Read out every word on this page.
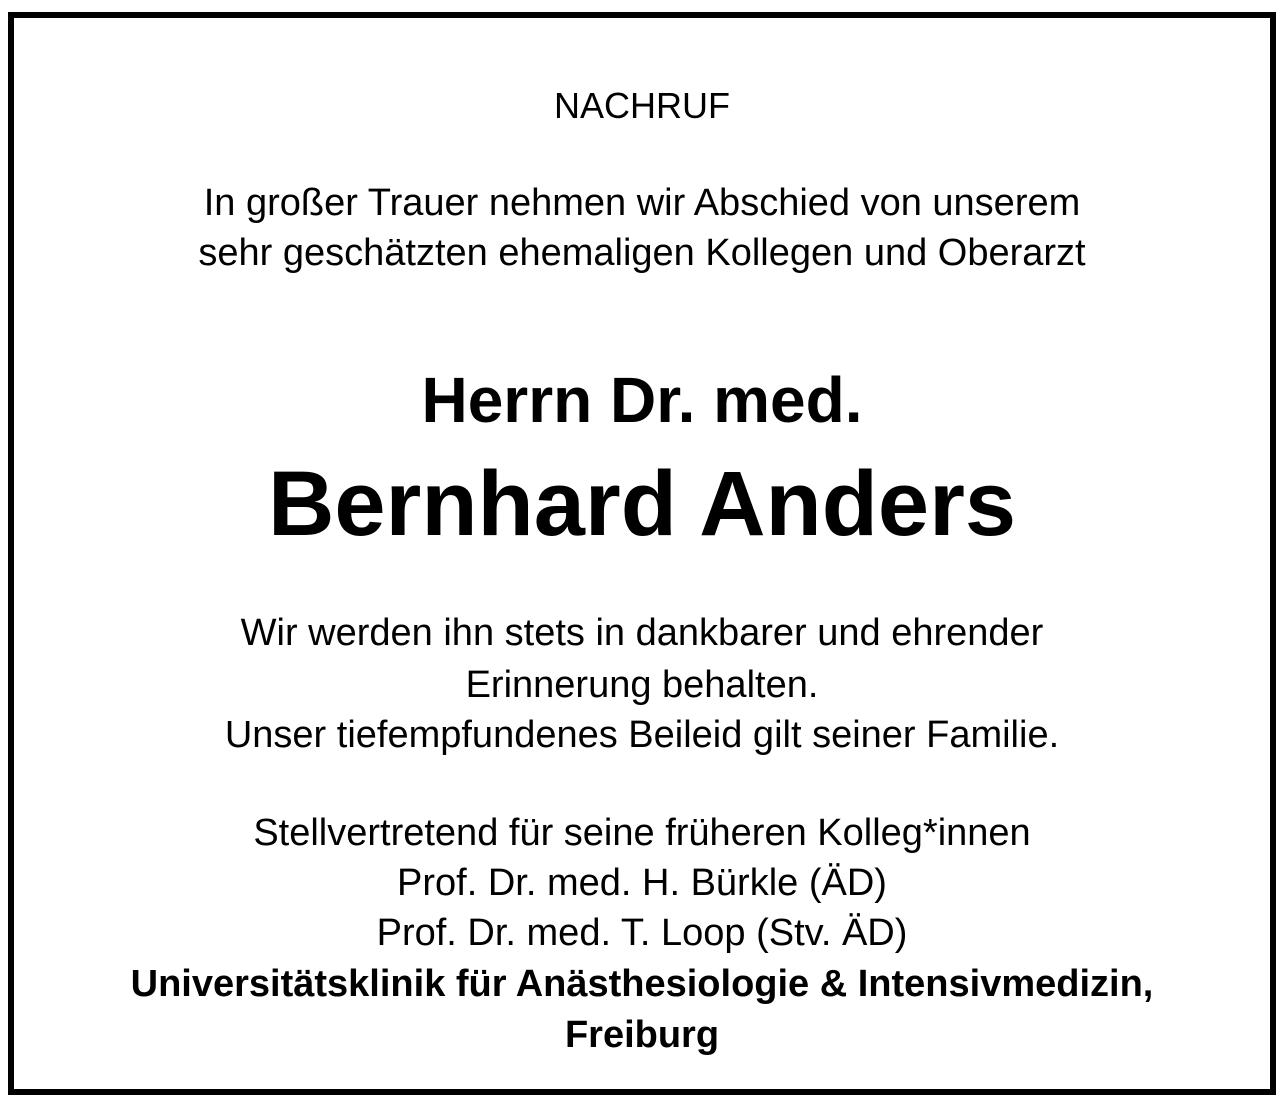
NACHRUF
In großer Trauer nehmen wir Abschied von unserem
sehr geschätzten ehemaligen Kollegen und Oberarzt
Herrn Dr. med.
Bernhard Anders
Wir werden ihn stets in dankbarer und ehrender
Erinnerung behalten.
Unser tiefempfundenes Beileid gilt seiner Familie.
Stellvertretend für seine früheren Kolleg*innen
Prof. Dr. med. H. Bürkle (ÄD)
Prof. Dr. med. T. Loop (Stv. ÄD)
Universitätsklinik für Anästhesiologie & Intensivmedizin,
Freiburg
